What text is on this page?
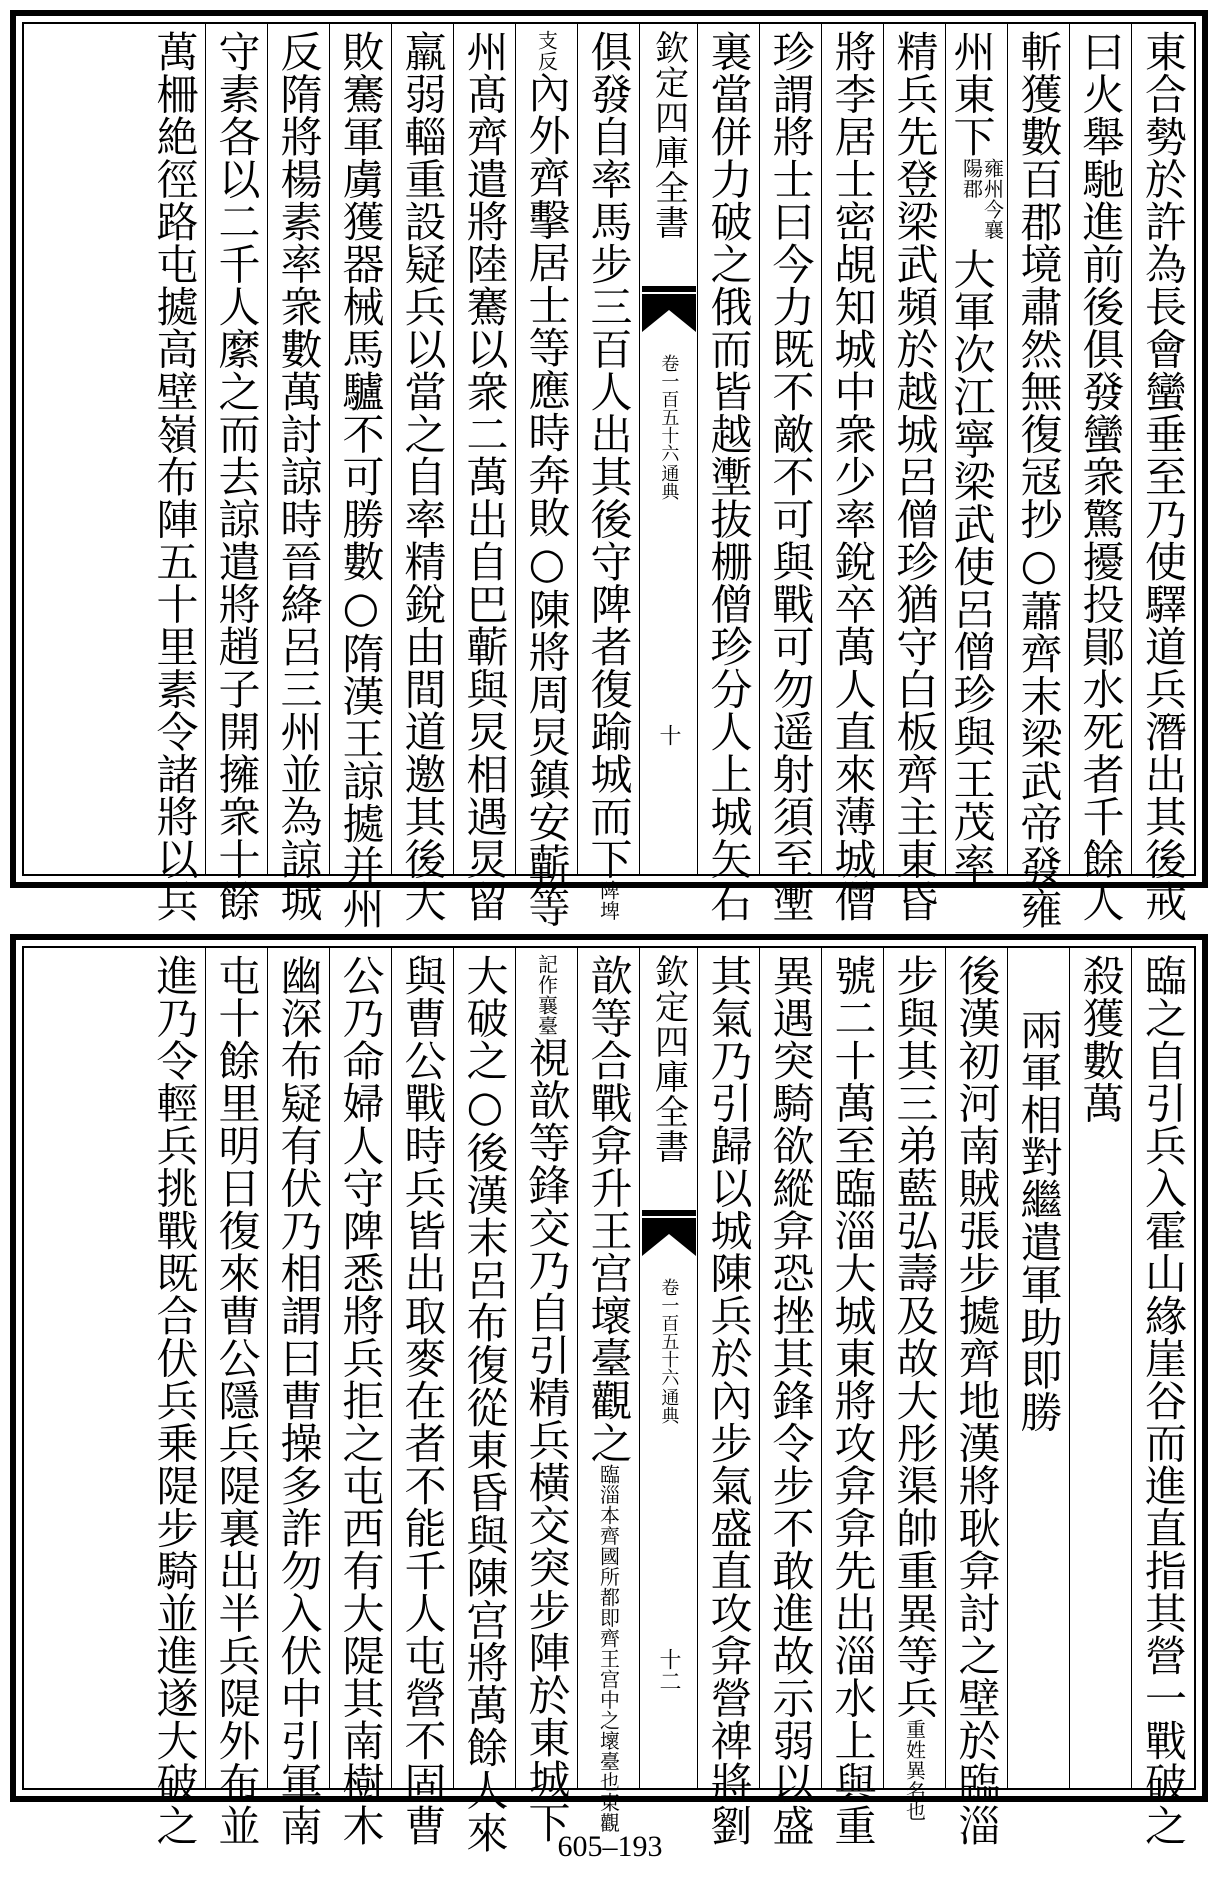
東合勢於許為長會蠻垂至乃使驛道兵潛出其後戒
曰火舉馳進前後俱發蠻衆驚擾投鄖水死者千餘人
斬獲數百郡境肅然無復冦抄○蕭齊末梁武帝發雍
州東下雍州今襄陽郡大軍次江寧梁武使呂僧珍與王茂率
精兵先登梁武頻於越城呂僧珍猶守白板齊主東昏
將李居士密覘知城中衆少率銳卒萬人直來薄城僧
珍謂將士曰今力既不敵不可與戰可勿遥射須至壍
裏當併力破之俄而皆越壍抜栅僧珍分人上城矢石
欽定四庫全書
通典
卷一百五十六
十
俱發自率馬步三百人出其後守陴者復踰城而下陴埤
支反內外齊擊居士等應時奔敗○陳將周炅鎮安蘄等
州髙齊遣將陸騫以衆二萬出自巴蘄與炅相遇炅留
羸弱輜重設疑兵以當之自率精銳由間道邀其後大
敗騫軍虜獲器械馬驢不可勝數○隋漢王諒㨿并州
反隋將楊素率衆數萬討諒時晉絳呂三州並為諒城
守素各以二千人縻之而去諒遣將趙子開擁衆十餘
萬柵絶徑路屯㨿高壁嶺布陣五十里素令諸將以兵
臨之自引兵入霍山緣崖谷而進直指其營一戰破之
殺獲數萬
兩軍相對繼遣軍助即勝
後漢初河南賊張步㨿齊地漢將耿弇討之壁於臨淄
步與其三弟藍弘壽及故大彤渠帥重異等兵重姓異名也
號二十萬至臨淄大城東將攻弇弇先出淄水上與重
異遇突騎欲縱弇恐挫其鋒令步不敢進故示弱以盛
其氣乃引歸以城陳兵於內步氣盛直攻弇營禆將劉
欽定四庫全書
通典
卷一百五十六
十二
歆等合戰弇升王宫壞臺觀之臨淄本齊國所都即齊王宫中之壞臺也東觀
記作襄臺視歆等鋒交乃自引精兵橫交突步陣於東城下
大破之○後漢末呂布復從東昏與陳宫將萬餘人來
與曹公戰時兵皆出取麥在者不能千人屯營不固曹
公乃命婦人守陴悉將兵拒之屯西有大隄其南樹木
幽深布疑有伏乃相謂曰曹操多詐勿入伏中引軍南
屯十餘里明日復來曹公隱兵隄裏出半兵隄外布並
進乃令輕兵挑戰既合伏兵乗隄步騎並進遂大破之	605–193
